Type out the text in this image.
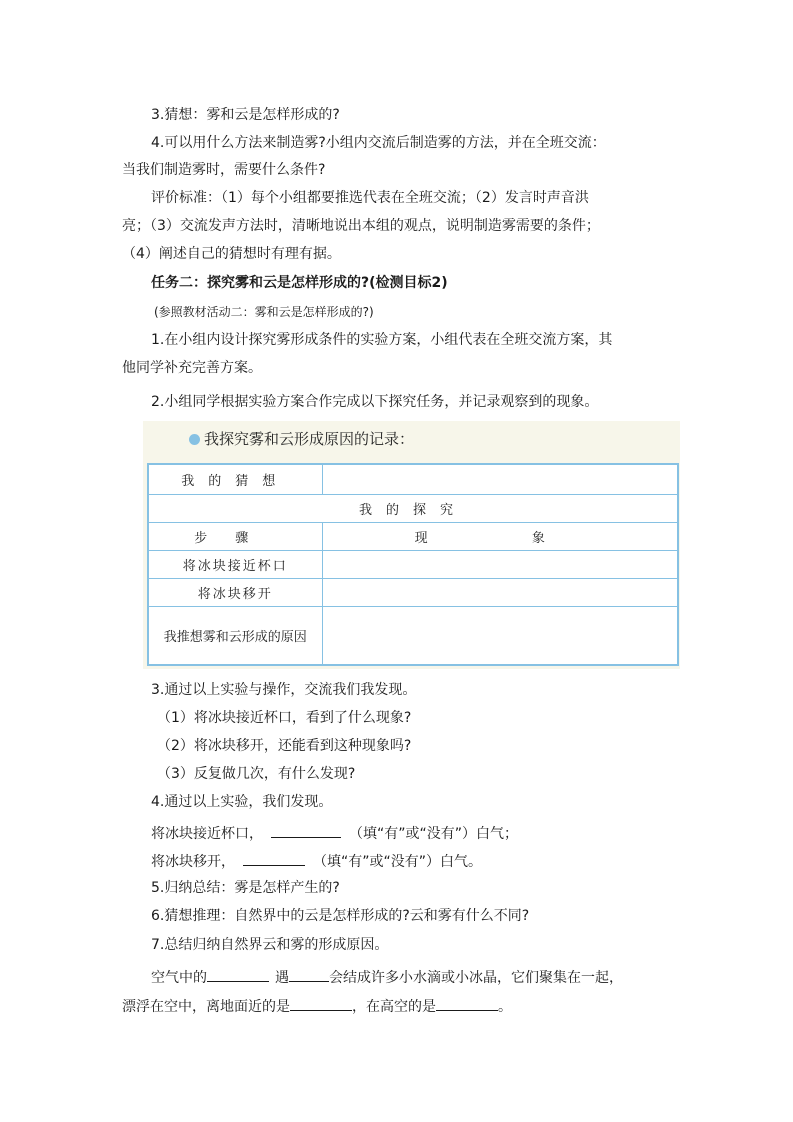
3.猜想：雾和云是怎样形成的?
4.可以用什么方法来制造雾?小组内交流后制造雾的方法，并在全班交流：
当我们制造雾时，需要什么条件?
评价标准：（1）每个小组都要推选代表在全班交流；（2）发言时声音洪
亮；（3）交流发声方法时，清晰地说出本组的观点，说明制造雾需要的条件；
（4）阐述自己的猜想时有理有据。
任务二：探究雾和云是怎样形成的?(检测目标2)
(参照教材活动二：雾和云是怎样形成的?)
1.在小组内设计探究雾形成条件的实验方案，小组代表在全班交流方案，其
他同学补充完善方案。
2.小组同学根据实验方案合作完成以下探究任务，并记录观察到的现象。
我探究雾和云形成原因的记录：
我的猜想	
我的探究	
步骤	现 象

将冰块接近杯口	
将冰块移开	
我推想雾和云形成的原因	
3.通过以上实验与操作，交流我们我发现。
（1）将冰块接近杯口，看到了什么现象?
（2）将冰块移开，还能看到这种现象吗?
（3）反复做几次，有什么发现?
4.通过以上实验，我们发现。
将冰块接近杯口，	（填“有”或“没有”）白气；
将冰块移开，	（填“有”或“没有”）白气。
5.归纳总结：雾是怎样产生的?
6.猜想推理：自然界中的云是怎样形成的?云和雾有什么不同?
7.总结归纳自然界云和雾的形成原因。
空气中的	遇	会结成许多小水滴或小冰晶，它们聚集在一起，
漂浮在空中，离地面近的是	，在高空的是	。
